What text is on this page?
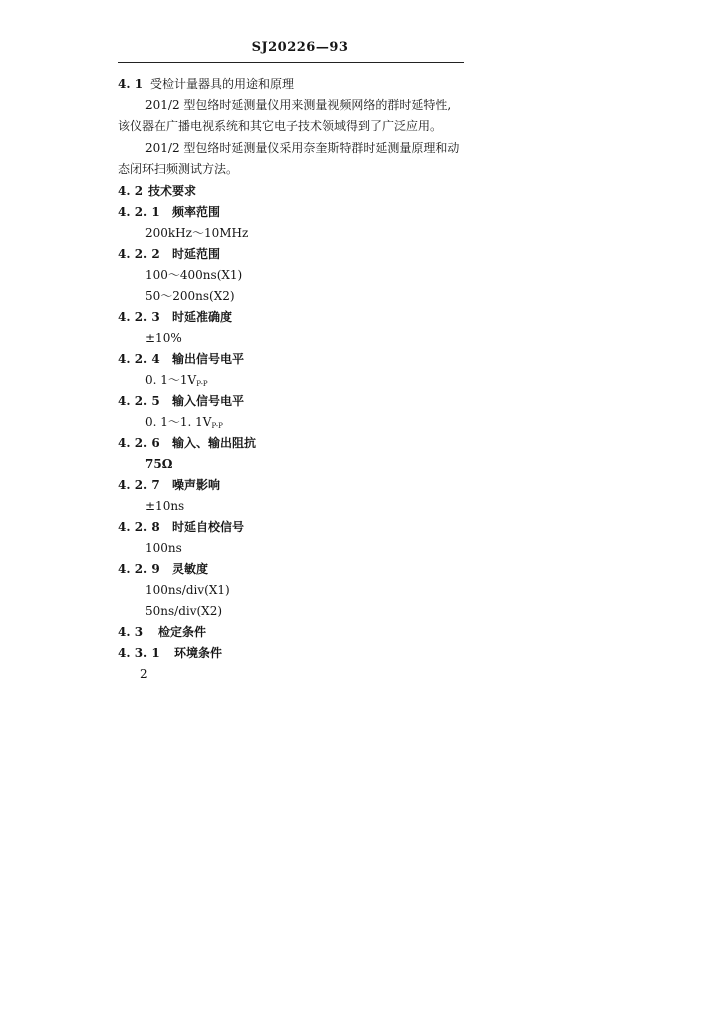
SJ20226—93
4. 1 受检计量器具的用途和原理
201/2 型包络时延测量仪用来测量视频网络的群时延特性,
该仪器在广播电视系统和其它电子技术领域得到了广泛应用。
201/2 型包络时延测量仪采用奈奎斯特群时延测量原理和动
态闭环扫频测试方法。
4. 2 技术要求
4. 2. 1 频率范围
200kHz～10MHz
4. 2. 2 时延范围
100～400ns(X1)
50～200ns(X2)
4. 2. 3 时延准确度
±10%
4. 2. 4 输出信号电平
0. $1\sim 1V_{P-P}$
4. 2. 5 输入信号电平
0. 1～1. $1V_{P-P}$
4. 2. 6 输入、输出阻抗
75Ω
4. 2. 7 噪声影响
±10ns
4. 2. 8 时延自校信号
100ns
4. 2. 9 灵敏度
100ns/div(X1)
50ns/div(X2)
4. 3 检定条件
4. 3. 1 环境条件
2
